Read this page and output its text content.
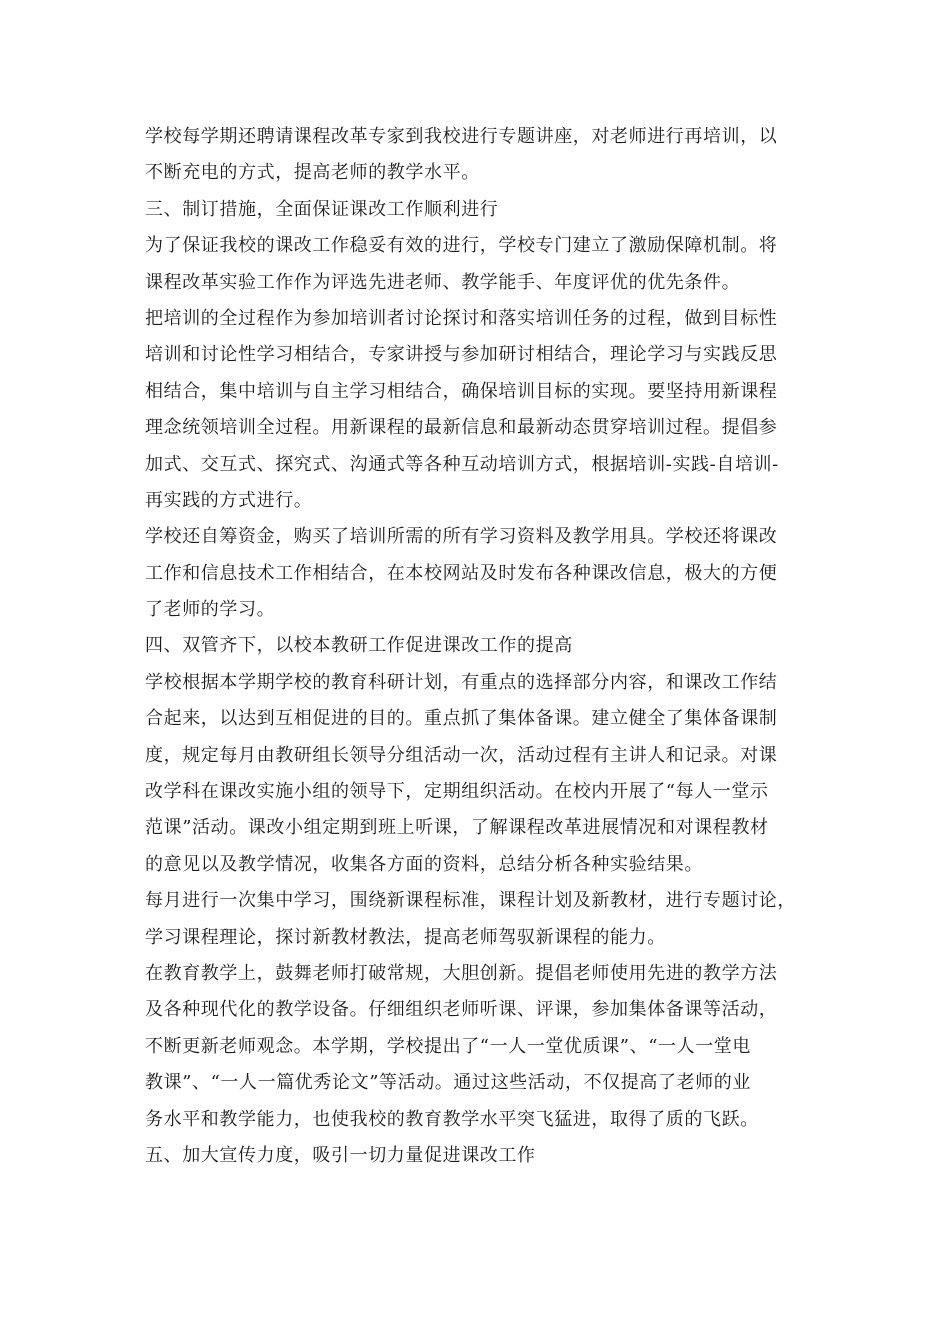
学校每学期还聘请课程改革专家到我校进行专题讲座，对老师进行再培训，以
不断充电的方式，提高老师的教学水平。
三、制订措施，全面保证课改工作顺利进行
为了保证我校的课改工作稳妥有效的进行，学校专门建立了激励保障机制。将
课程改革实验工作作为评选先进老师、教学能手、年度评优的优先条件。
把培训的全过程作为参加培训者讨论探讨和落实培训任务的过程，做到目标性
培训和讨论性学习相结合，专家讲授与参加研讨相结合，理论学习与实践反思
相结合，集中培训与自主学习相结合，确保培训目标的实现。要坚持用新课程
理念统领培训全过程。用新课程的最新信息和最新动态贯穿培训过程。提倡参
加式、交互式、探究式、沟通式等各种互动培训方式，根据培训-实践-自培训-
再实践的方式进行。
学校还自筹资金，购买了培训所需的所有学习资料及教学用具。学校还将课改
工作和信息技术工作相结合，在本校网站及时发布各种课改信息，极大的方便
了老师的学习。
四、双管齐下，以校本教研工作促进课改工作的提高
学校根据本学期学校的教育科研计划，有重点的选择部分内容，和课改工作结
合起来，以达到互相促进的目的。重点抓了集体备课。建立健全了集体备课制
度，规定每月由教研组长领导分组活动一次，活动过程有主讲人和记录。对课
改学科在课改实施小组的领导下，定期组织活动。在校内开展了“每人一堂示
范课”活动。课改小组定期到班上听课，了解课程改革进展情况和对课程教材
的意见以及教学情况，收集各方面的资料，总结分析各种实验结果。
每月进行一次集中学习，围绕新课程标准，课程计划及新教材，进行专题讨论，
学习课程理论，探讨新教材教法，提高老师驾驭新课程的能力。
在教育教学上，鼓舞老师打破常规，大胆创新。提倡老师使用先进的教学方法
及各种现代化的教学设备。仔细组织老师听课、评课，参加集体备课等活动，
不断更新老师观念。本学期，学校提出了“一人一堂优质课”、“一人一堂电
教课”、“一人一篇优秀论文”等活动。通过这些活动，不仅提高了老师的业
务水平和教学能力，也使我校的教育教学水平突飞猛进，取得了质的飞跃。
五、加大宣传力度，吸引一切力量促进课改工作
